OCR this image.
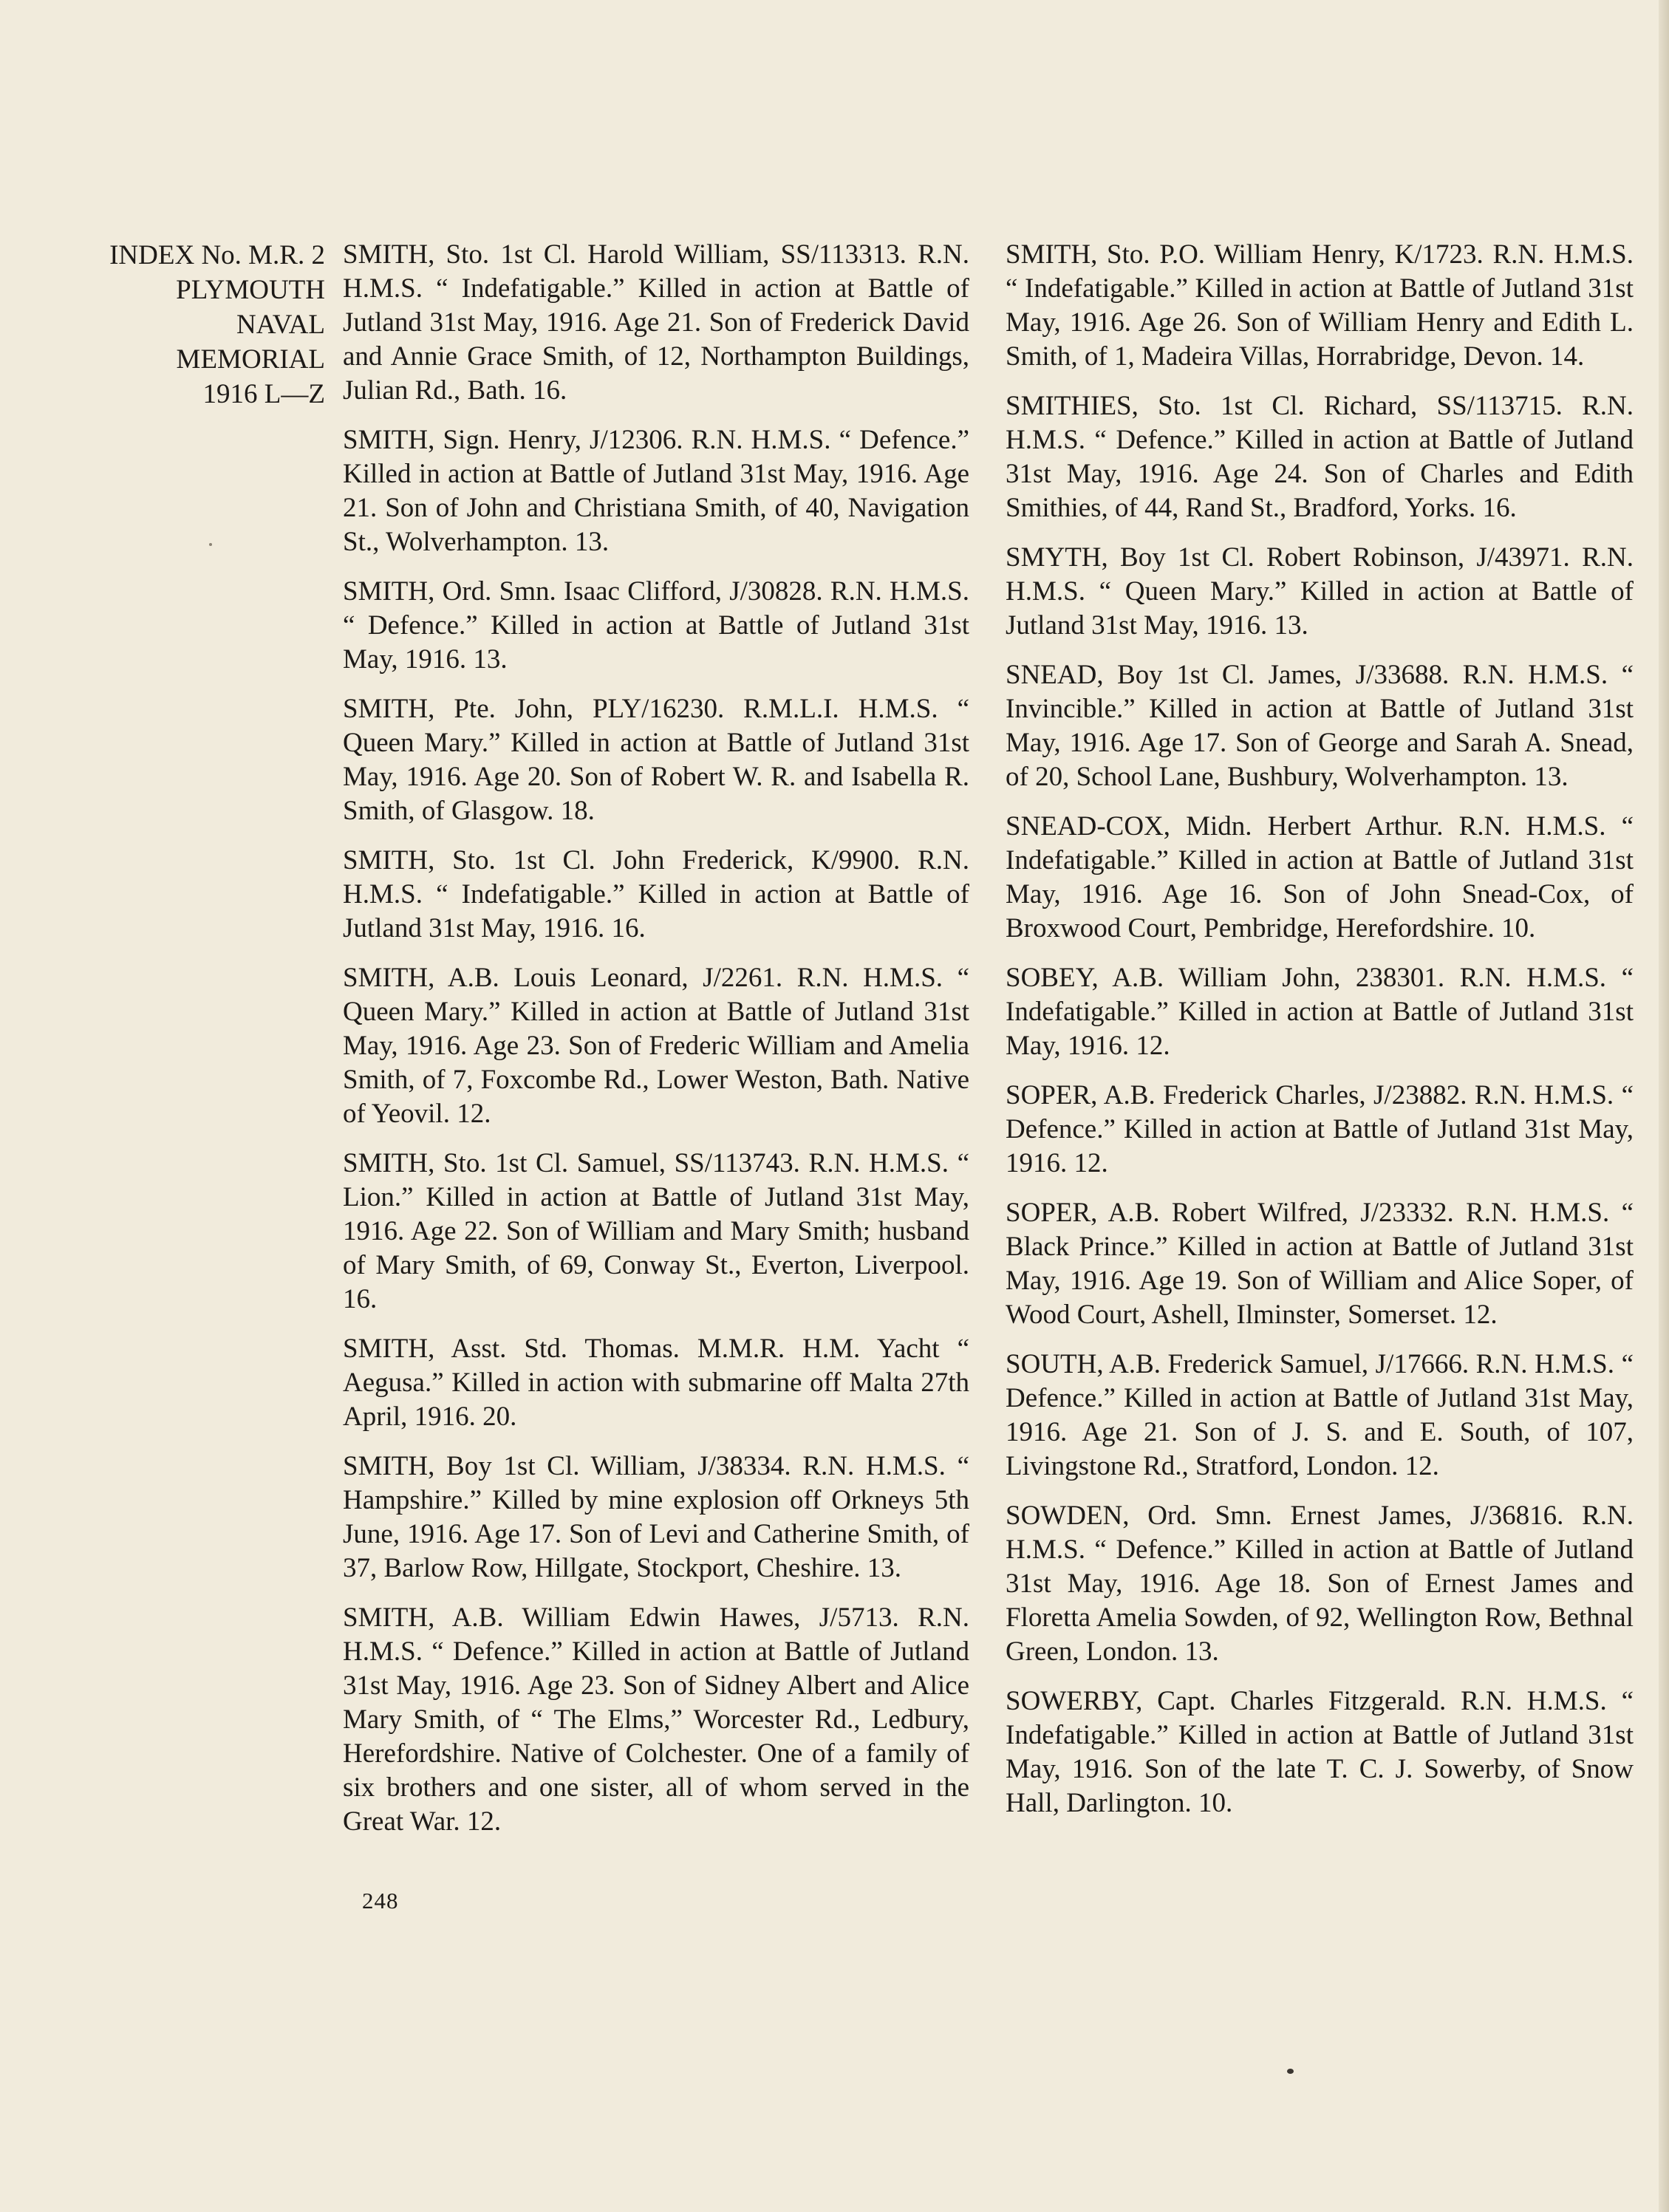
INDEX No. M.R. 2
PLYMOUTH
NAVAL
MEMORIAL
1916 L—Z

SMITH, Sto. 1st Cl. Harold William, SS/113313. R.N. H.M.S. “ Indefatigable.” Killed in action at Battle of Jutland 31st May, 1916. Age 21. Son of Frederick David and Annie Grace Smith, of 12, Northampton Buildings, Julian Rd., Bath. 16.

SMITH, Sign. Henry, J/12306. R.N. H.M.S. “ Defence.” Killed in action at Battle of Jutland 31st May, 1916. Age 21. Son of John and Christiana Smith, of 40, Navigation St., Wolverhampton. 13.

SMITH, Ord. Smn. Isaac Clifford, J/30828. R.N. H.M.S. “ Defence.” Killed in action at Battle of Jutland 31st May, 1916. 13.

SMITH, Pte. John, PLY/16230. R.M.L.I. H.M.S. “ Queen Mary.” Killed in action at Battle of Jutland 31st May, 1916. Age 20. Son of Robert W. R. and Isabella R. Smith, of Glasgow. 18.

SMITH, Sto. 1st Cl. John Frederick, K/9900. R.N. H.M.S. “ Indefatigable.” Killed in action at Battle of Jutland 31st May, 1916. 16.

SMITH, A.B. Louis Leonard, J/2261. R.N. H.M.S. “ Queen Mary.” Killed in action at Battle of Jutland 31st May, 1916. Age 23. Son of Frederic William and Amelia Smith, of 7, Foxcombe Rd., Lower Weston, Bath. Native of Yeovil. 12.

SMITH, Sto. 1st Cl. Samuel, SS/113743. R.N. H.M.S. “ Lion.” Killed in action at Battle of Jutland 31st May, 1916. Age 22. Son of William and Mary Smith; husband of Mary Smith, of 69, Conway St., Everton, Liverpool. 16.

SMITH, Asst. Std. Thomas. M.M.R. H.M. Yacht “ Aegusa.” Killed in action with submarine off Malta 27th April, 1916. 20.

SMITH, Boy 1st Cl. William, J/38334. R.N. H.M.S. “ Hampshire.” Killed by mine explosion off Orkneys 5th June, 1916. Age 17. Son of Levi and Catherine Smith, of 37, Barlow Row, Hillgate, Stockport, Cheshire. 13.

SMITH, A.B. William Edwin Hawes, J/5713. R.N. H.M.S. “ Defence.” Killed in action at Battle of Jutland 31st May, 1916. Age 23. Son of Sidney Albert and Alice Mary Smith, of “ The Elms,” Worcester Rd., Ledbury, Herefordshire. Native of Colchester. One of a family of six brothers and one sister, all of whom served in the Great War. 12.

SMITH, Sto. P.O. William Henry, K/1723. R.N. H.M.S. “ Indefatigable.” Killed in action at Battle of Jutland 31st May, 1916. Age 26. Son of William Henry and Edith L. Smith, of 1, Madeira Villas, Horrabridge, Devon. 14.

SMITHIES, Sto. 1st Cl. Richard, SS/113715. R.N. H.M.S. “ Defence.” Killed in action at Battle of Jutland 31st May, 1916. Age 24. Son of Charles and Edith Smithies, of 44, Rand St., Bradford, Yorks. 16.

SMYTH, Boy 1st Cl. Robert Robinson, J/43971. R.N. H.M.S. “ Queen Mary.” Killed in action at Battle of Jutland 31st May, 1916. 13.

SNEAD, Boy 1st Cl. James, J/33688. R.N. H.M.S. “ Invincible.” Killed in action at Battle of Jutland 31st May, 1916. Age 17. Son of George and Sarah A. Snead, of 20, School Lane, Bushbury, Wolverhampton. 13.

SNEAD-COX, Midn. Herbert Arthur. R.N. H.M.S. “ Indefatigable.” Killed in action at Battle of Jutland 31st May, 1916. Age 16. Son of John Snead-Cox, of Broxwood Court, Pembridge, Herefordshire. 10.

SOBEY, A.B. William John, 238301. R.N. H.M.S. “ Indefatigable.” Killed in action at Battle of Jutland 31st May, 1916. 12.

SOPER, A.B. Frederick Charles, J/23882. R.N. H.M.S. “ Defence.” Killed in action at Battle of Jutland 31st May, 1916. 12.

SOPER, A.B. Robert Wilfred, J/23332. R.N. H.M.S. “ Black Prince.” Killed in action at Battle of Jutland 31st May, 1916. Age 19. Son of William and Alice Soper, of Wood Court, Ashell, Ilminster, Somerset. 12.

SOUTH, A.B. Frederick Samuel, J/17666. R.N. H.M.S. “ Defence.” Killed in action at Battle of Jutland 31st May, 1916. Age 21. Son of J. S. and E. South, of 107, Livingstone Rd., Stratford, London. 12.

SOWDEN, Ord. Smn. Ernest James, J/36816. R.N. H.M.S. “ Defence.” Killed in action at Battle of Jutland 31st May, 1916. Age 18. Son of Ernest James and Floretta Amelia Sowden, of 92, Wellington Row, Bethnal Green, London. 13.

SOWERBY, Capt. Charles Fitzgerald. R.N. H.M.S. “ Indefatigable.” Killed in action at Battle of Jutland 31st May, 1916. Son of the late T. C. J. Sowerby, of Snow Hall, Darlington. 10.

248
